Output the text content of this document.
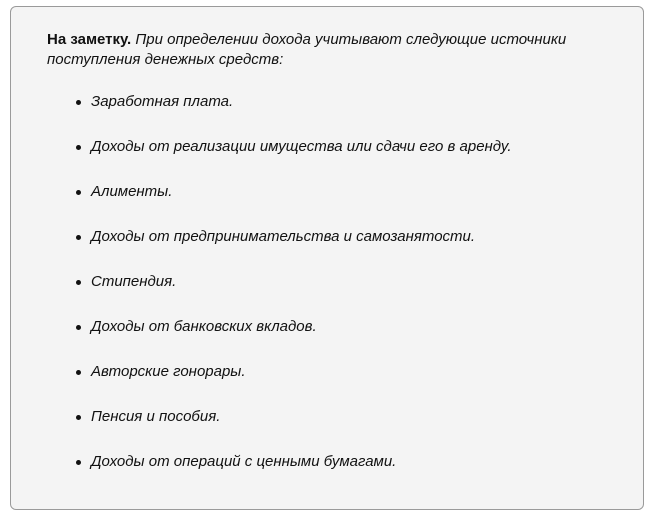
На заметку. При определении дохода учитывают следующие источники поступления денежных средств:
Заработная плата.
Доходы от реализации имущества или сдачи его в аренду.
Алименты.
Доходы от предпринимательства и самозанятости.
Стипендия.
Доходы от банковских вкладов.
Авторские гонорары.
Пенсия и пособия.
Доходы от операций с ценными бумагами.
